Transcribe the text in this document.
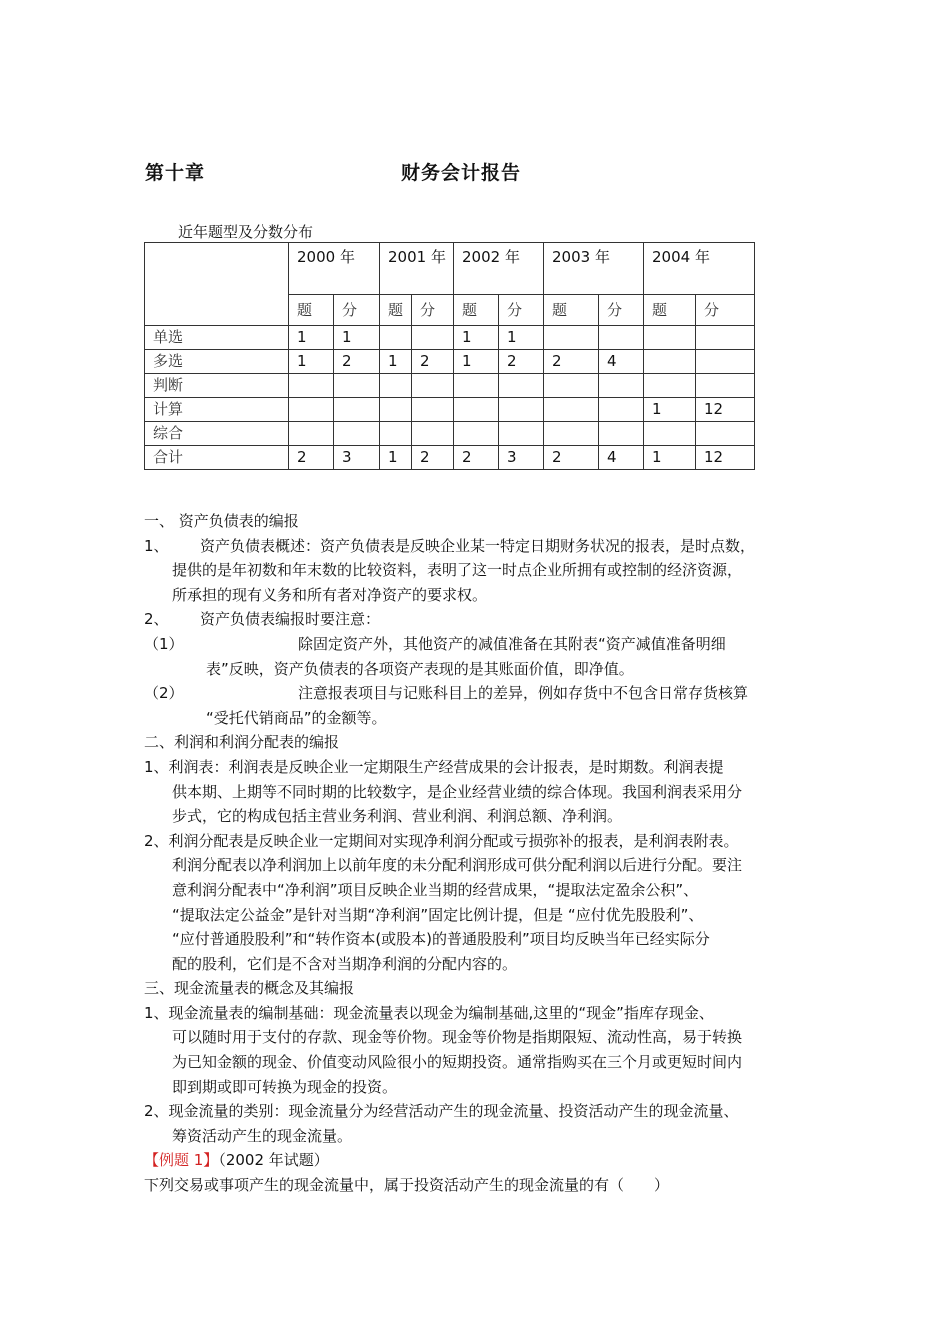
第十章	财务会计报告
近年题型及分数分布
	2000 年		2001 年		2002 年		2003 年		2004 年	
	题	分	题	分	题	分	题	分	题	分
单选	1	1			1	1				
多选	1	2	1	2	1	2	2	4		
判断										
计算									1	12
综合										
合计	2	3	1	2	2	3	2	4	1	12
一、 资产负债表的编报
1、 资产负债表概述：资产负债表是反映企业某一特定日期财务状况的报表，是时点数，
提供的是年初数和年末数的比较资料，表明了这一时点企业所拥有或控制的经济资源，
所承担的现有义务和所有者对净资产的要求权。
2、 资产负债表编报时要注意：
（1）	除固定资产外，其他资产的减值准备在其附表“资产减值准备明细
表”反映，资产负债表的各项资产表现的是其账面价值，即净值。
（2）	注意报表项目与记账科目上的差异，例如存货中不包含日常存货核算
“受托代销商品”的金额等。
二、利润和利润分配表的编报
1、利润表：利润表是反映企业一定期限生产经营成果的会计报表，是时期数。利润表提
供本期、上期等不同时期的比较数字，是企业经营业绩的综合体现。我国利润表采用分
步式，它的构成包括主营业务利润、营业利润、利润总额、净利润。
2、利润分配表是反映企业一定期间对实现净利润分配或亏损弥补的报表，是利润表附表。
利润分配表以净利润加上以前年度的未分配利润形成可供分配利润以后进行分配。要注
意利润分配表中“净利润”项目反映企业当期的经营成果，“提取法定盈余公积”、
“提取法定公益金”是针对当期“净利润”固定比例计提，但是 “应付优先股股利”、
“应付普通股股利”和“转作资本(或股本)的普通股股利”项目均反映当年已经实际分
配的股利，它们是不含对当期净利润的分配内容的。
三、现金流量表的概念及其编报
1、现金流量表的编制基础：现金流量表以现金为编制基础,这里的“现金”指库存现金、
可以随时用于支付的存款、现金等价物。现金等价物是指期限短、流动性高，易于转换
为已知金额的现金、价值变动风险很小的短期投资。通常指购买在三个月或更短时间内
即到期或即可转换为现金的投资。
2、现金流量的类别：现金流量分为经营活动产生的现金流量、投资活动产生的现金流量、
筹资活动产生的现金流量。
【例题 1】（2002 年试题）
下列交易或事项产生的现金流量中，属于投资活动产生的现金流量的有（　　）
